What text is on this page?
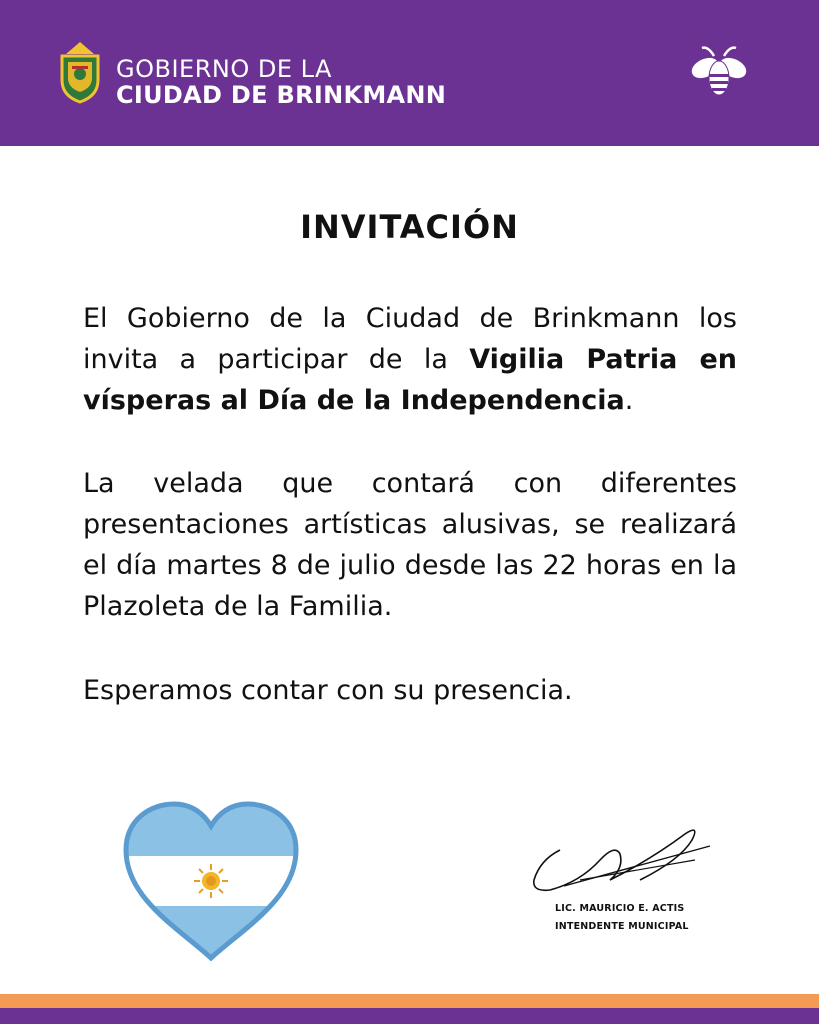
GOBIERNO DE LA
CIUDAD DE BRINKMANN
INVITACIÓN

El Gobierno de la Ciudad de Brinkmann los invita a participar de la Vigilia Patria en vísperas al Día de la Independencia.

La velada que contará con diferentes presentaciones artísticas alusivas, se realizará el día martes 8 de julio desde las 22 horas en la Plazoleta de la Familia.

Esperamos contar con su presencia.

LIC. MAURICIO E. ACTIS
INTENDENTE MUNICIPAL
